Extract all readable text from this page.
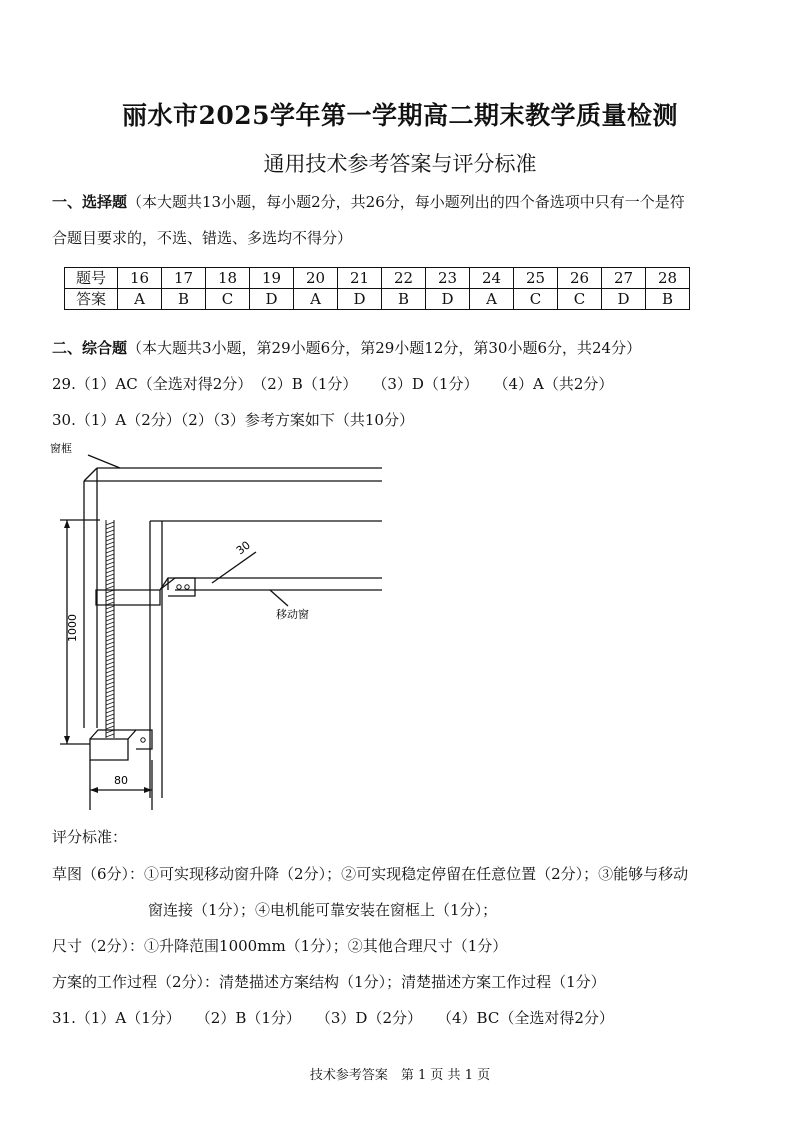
丽水市2025学年第一学期高二期末教学质量检测
通用技术参考答案与评分标准
一、选择题（本大题共13小题，每小题2分，共26分，每小题列出的四个备选项中只有一个是符
合题目要求的，不选、错选、多选均不得分）
题号	16	17	18	19	20	21	22	23	24	25	26	27	28
答案	A	B	C	D	A	D	B	D	A	C	C	D	B
二、综合题（本大题共3小题，第29小题6分，第29小题12分，第30小题6分，共24分）
29.（1）AC（全选对得2分）　（2）B（1分）　　（3）D（1分）　　（4）A（共2分）
30.（1）A（2分）（2）（3）参考方案如下（共10分）
窗框
移动窗
30
1000
80
评分标准：
草图（6分）：①可实现移动窗升降（2分）；②可实现稳定停留在任意位置（2分）；③能够与移动
窗连接（1分）；④电机能可靠安装在窗框上（1分）；
尺寸（2分）：①升降范围1000mm（1分）；②其他合理尺寸（1分）
方案的工作过程（2分）：清楚描述方案结构（1分）；清楚描述方案工作过程（1分）
31.（1）A（1分）　　（2）B（1分）　　（3）D（2分）　　（4）BC（全选对得2分）
技术参考答案　第 1 页 共 1 页
